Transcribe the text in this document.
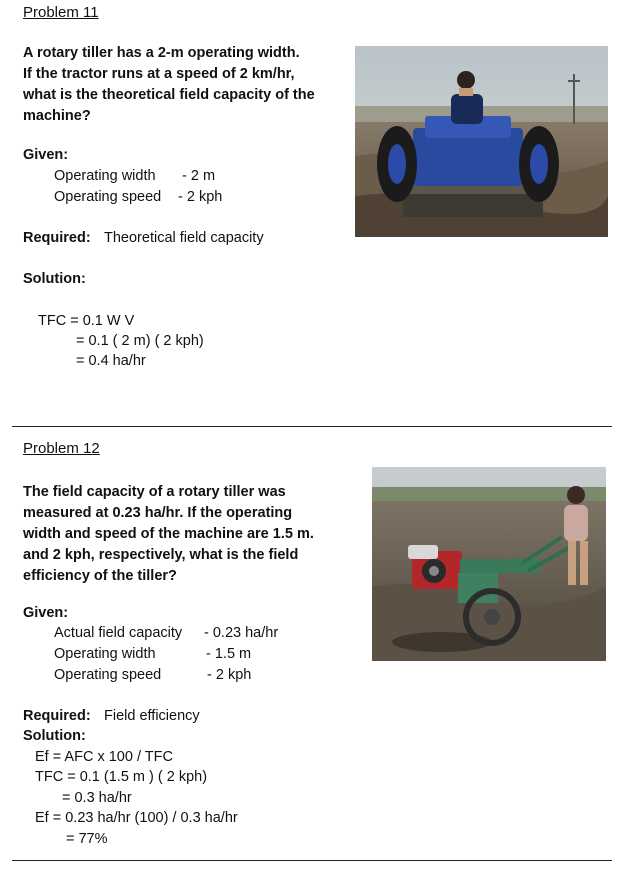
Problem 11
A rotary tiller has a 2-m operating width.
If the tractor runs at a speed of 2 km/hr,
what is the theoretical field capacity of the
machine?
Given:
Operating width - 2 m
Operating speed - 2 kph
Required: Theoretical field capacity
Solution:
TFC = 0.1 W V
= 0.1 ( 2 m) ( 2 kph)
= 0.4 ha/hr
Problem 12
The field capacity of a rotary tiller was
measured at 0.23 ha/hr. If the operating
width and speed of the machine are 1.5 m.
and 2 kph, respectively, what is the field
efficiency of the tiller?
Given:
Actual field capacity - 0.23 ha/hr
Operating width	- 1.5 m
Operating speed	- 2 kph
Required: Field efficiency
Solution:
Ef = AFC x 100 / TFC
TFC = 0.1 (1.5 m ) ( 2 kph)
= 0.3 ha/hr
Ef = 0.23 ha/hr (100) / 0.3 ha/hr
= 77%
